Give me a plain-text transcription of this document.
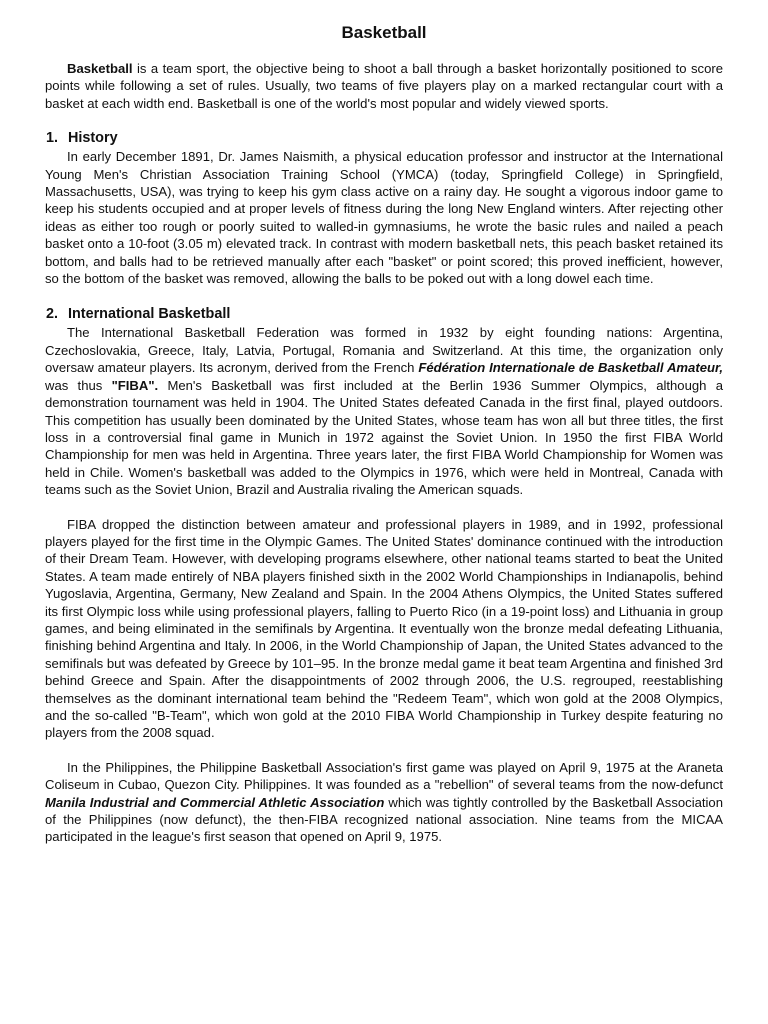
Basketball

Basketball is a team sport, the objective being to shoot a ball through a basket horizontally positioned to score points while following a set of rules. Usually, two teams of five players play on a marked rectangular court with a basket at each width end. Basketball is one of the world's most popular and widely viewed sports.

1. History

In early December 1891, Dr. James Naismith, a physical education professor and instructor at the International Young Men's Christian Association Training School (YMCA) (today, Springfield College) in Springfield, Massachusetts, USA), was trying to keep his gym class active on a rainy day. He sought a vigorous indoor game to keep his students occupied and at proper levels of fitness during the long New England winters. After rejecting other ideas as either too rough or poorly suited to walled-in gymnasiums, he wrote the basic rules and nailed a peach basket onto a 10-foot (3.05 m) elevated track. In contrast with modern basketball nets, this peach basket retained its bottom, and balls had to be retrieved manually after each "basket" or point scored; this proved inefficient, however, so the bottom of the basket was removed, allowing the balls to be poked out with a long dowel each time.

2. International Basketball

The International Basketball Federation was formed in 1932 by eight founding nations: Argentina, Czechoslovakia, Greece, Italy, Latvia, Portugal, Romania and Switzerland. At this time, the organization only oversaw amateur players. Its acronym, derived from the French Fédération Internationale de Basketball Amateur, was thus "FIBA". Men's Basketball was first included at the Berlin 1936 Summer Olympics, although a demonstration tournament was held in 1904. The United States defeated Canada in the first final, played outdoors. This competition has usually been dominated by the United States, whose team has won all but three titles, the first loss in a controversial final game in Munich in 1972 against the Soviet Union. In 1950 the first FIBA World Championship for men was held in Argentina. Three years later, the first FIBA World Championship for Women was held in Chile. Women's basketball was added to the Olympics in 1976, which were held in Montreal, Canada with teams such as the Soviet Union, Brazil and Australia rivaling the American squads.

FIBA dropped the distinction between amateur and professional players in 1989, and in 1992, professional players played for the first time in the Olympic Games. The United States' dominance continued with the introduction of their Dream Team. However, with developing programs elsewhere, other national teams started to beat the United States. A team made entirely of NBA players finished sixth in the 2002 World Championships in Indianapolis, behind Yugoslavia, Argentina, Germany, New Zealand and Spain. In the 2004 Athens Olympics, the United States suffered its first Olympic loss while using professional players, falling to Puerto Rico (in a 19-point loss) and Lithuania in group games, and being eliminated in the semifinals by Argentina. It eventually won the bronze medal defeating Lithuania, finishing behind Argentina and Italy. In 2006, in the World Championship of Japan, the United States advanced to the semifinals but was defeated by Greece by 101–95. In the bronze medal game it beat team Argentina and finished 3rd behind Greece and Spain. After the disappointments of 2002 through 2006, the U.S. regrouped, reestablishing themselves as the dominant international team behind the "Redeem Team", which won gold at the 2008 Olympics, and the so-called "B-Team", which won gold at the 2010 FIBA World Championship in Turkey despite featuring no players from the 2008 squad.

In the Philippines, the Philippine Basketball Association's first game was played on April 9, 1975 at the Araneta Coliseum in Cubao, Quezon City. Philippines. It was founded as a "rebellion" of several teams from the now-defunct Manila Industrial and Commercial Athletic Association which was tightly controlled by the Basketball Association of the Philippines (now defunct), the then-FIBA recognized national association. Nine teams from the MICAA participated in the league's first season that opened on April 9, 1975.
